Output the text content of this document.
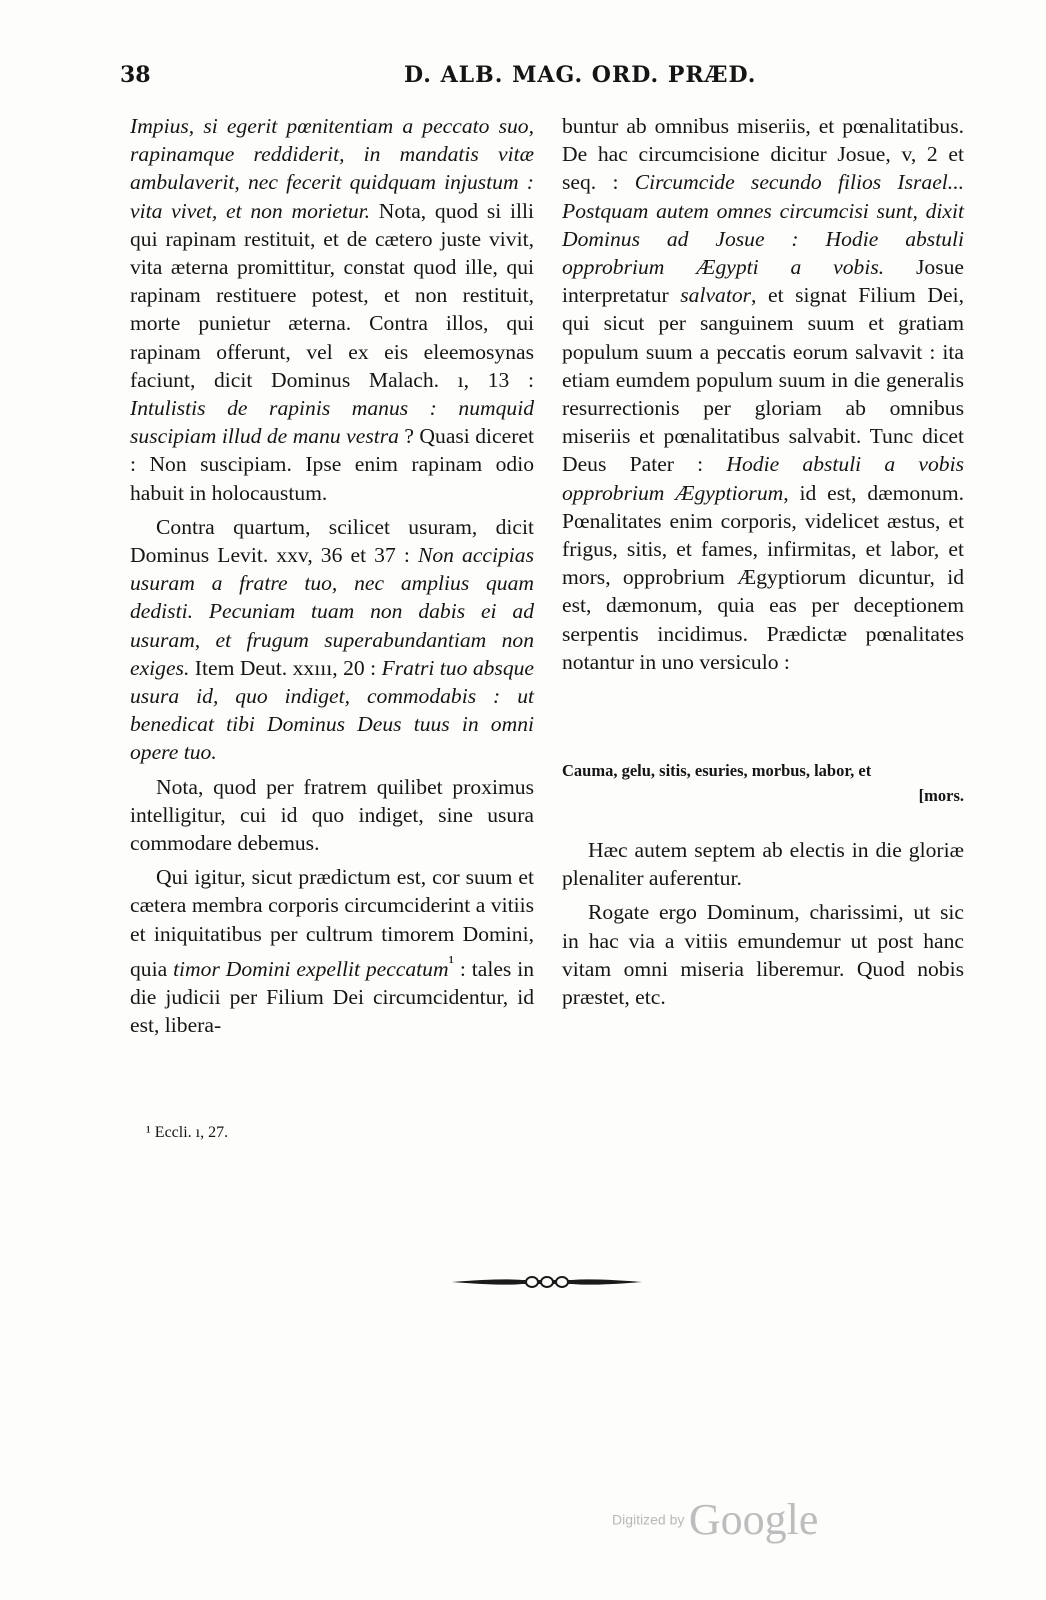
38	D. ALB. MAG. ORD. PRÆD.

Impius, si egerit pœnitentiam a peccato suo, rapinamque reddiderit, in mandatis vitæ ambulaverit, nec fecerit quidquam injustum : vita vivet, et non morietur. Nota, quod si illi qui rapinam restituit, et de cætero juste vivit, vita æterna promittitur, constat quod ille, qui rapinam restituere potest, et non restituit, morte punietur æterna. Contra illos, qui rapinam offerunt, vel ex eis eleemosynas faciunt, dicit Dominus Malach. ı, 13 : Intulistis de rapinis manus : numquid suscipiam illud de manu vestra ? Quasi diceret : Non suscipiam. Ipse enim rapinam odio habuit in holocaustum.

Contra quartum, scilicet usuram, dicit Dominus Levit. xxv, 36 et 37 : Non accipias usuram a fratre tuo, nec amplius quam dedisti. Pecuniam tuam non dabis ei ad usuram, et frugum superabundantiam non exiges. Item Deut. xxııı, 20 : Fratri tuo absque usura id, quo indiget, commodabis : ut benedicat tibi Dominus Deus tuus in omni opere tuo.

Nota, quod per fratrem quilibet proximus intelligitur, cui id quo indiget, sine usura commodare debemus.

Qui igitur, sicut prædictum est, cor suum et cætera membra corporis circumciderint a vitiis et iniquitatibus per cultrum timorem Domini, quia timor Domini expellit peccatum$^{^1}$ : tales in die judicii per Filium Dei circumcidentur, id est, libera-

buntur ab omnibus miseriis, et pœnalitatibus. De hac circumcisione dicitur Josue, v, 2 et seq. : Circumcide secundo filios Israel... Postquam autem omnes circumcisi sunt, dixit Dominus ad Josue : Hodie abstuli opprobrium Ægypti a vobis. Josue interpretatur salvator, et signat Filium Dei, qui sicut per sanguinem suum et gratiam populum suum a peccatis eorum salvavit : ita etiam eumdem populum suum in die generalis resurrectionis per gloriam ab omnibus miseriis et pœnalitatibus salvabit. Tunc dicet Deus Pater : Hodie abstuli a vobis opprobrium Ægyptiorum, id est, dæmonum. Pœnalitates enim corporis, videlicet æstus, et frigus, sitis, et fames, infirmitas, et labor, et mors, opprobrium Ægyptiorum dicuntur, id est, dæmonum, quia eas per deceptionem serpentis incidimus. Prædictæ pœnalitates notantur in uno versiculo :

Cauma, gelu, sitis, esuries, morbus, labor, et
[mors.

Hæc autem septem ab electis in die gloriæ plenaliter auferentur.

Rogate ergo Dominum, charissimi, ut sic in hac via a vitiis emundemur ut post hanc vitam omni miseria liberemur. Quod nobis præstet, etc.

¹ Eccli. ı, 27.
Digitized by Google
